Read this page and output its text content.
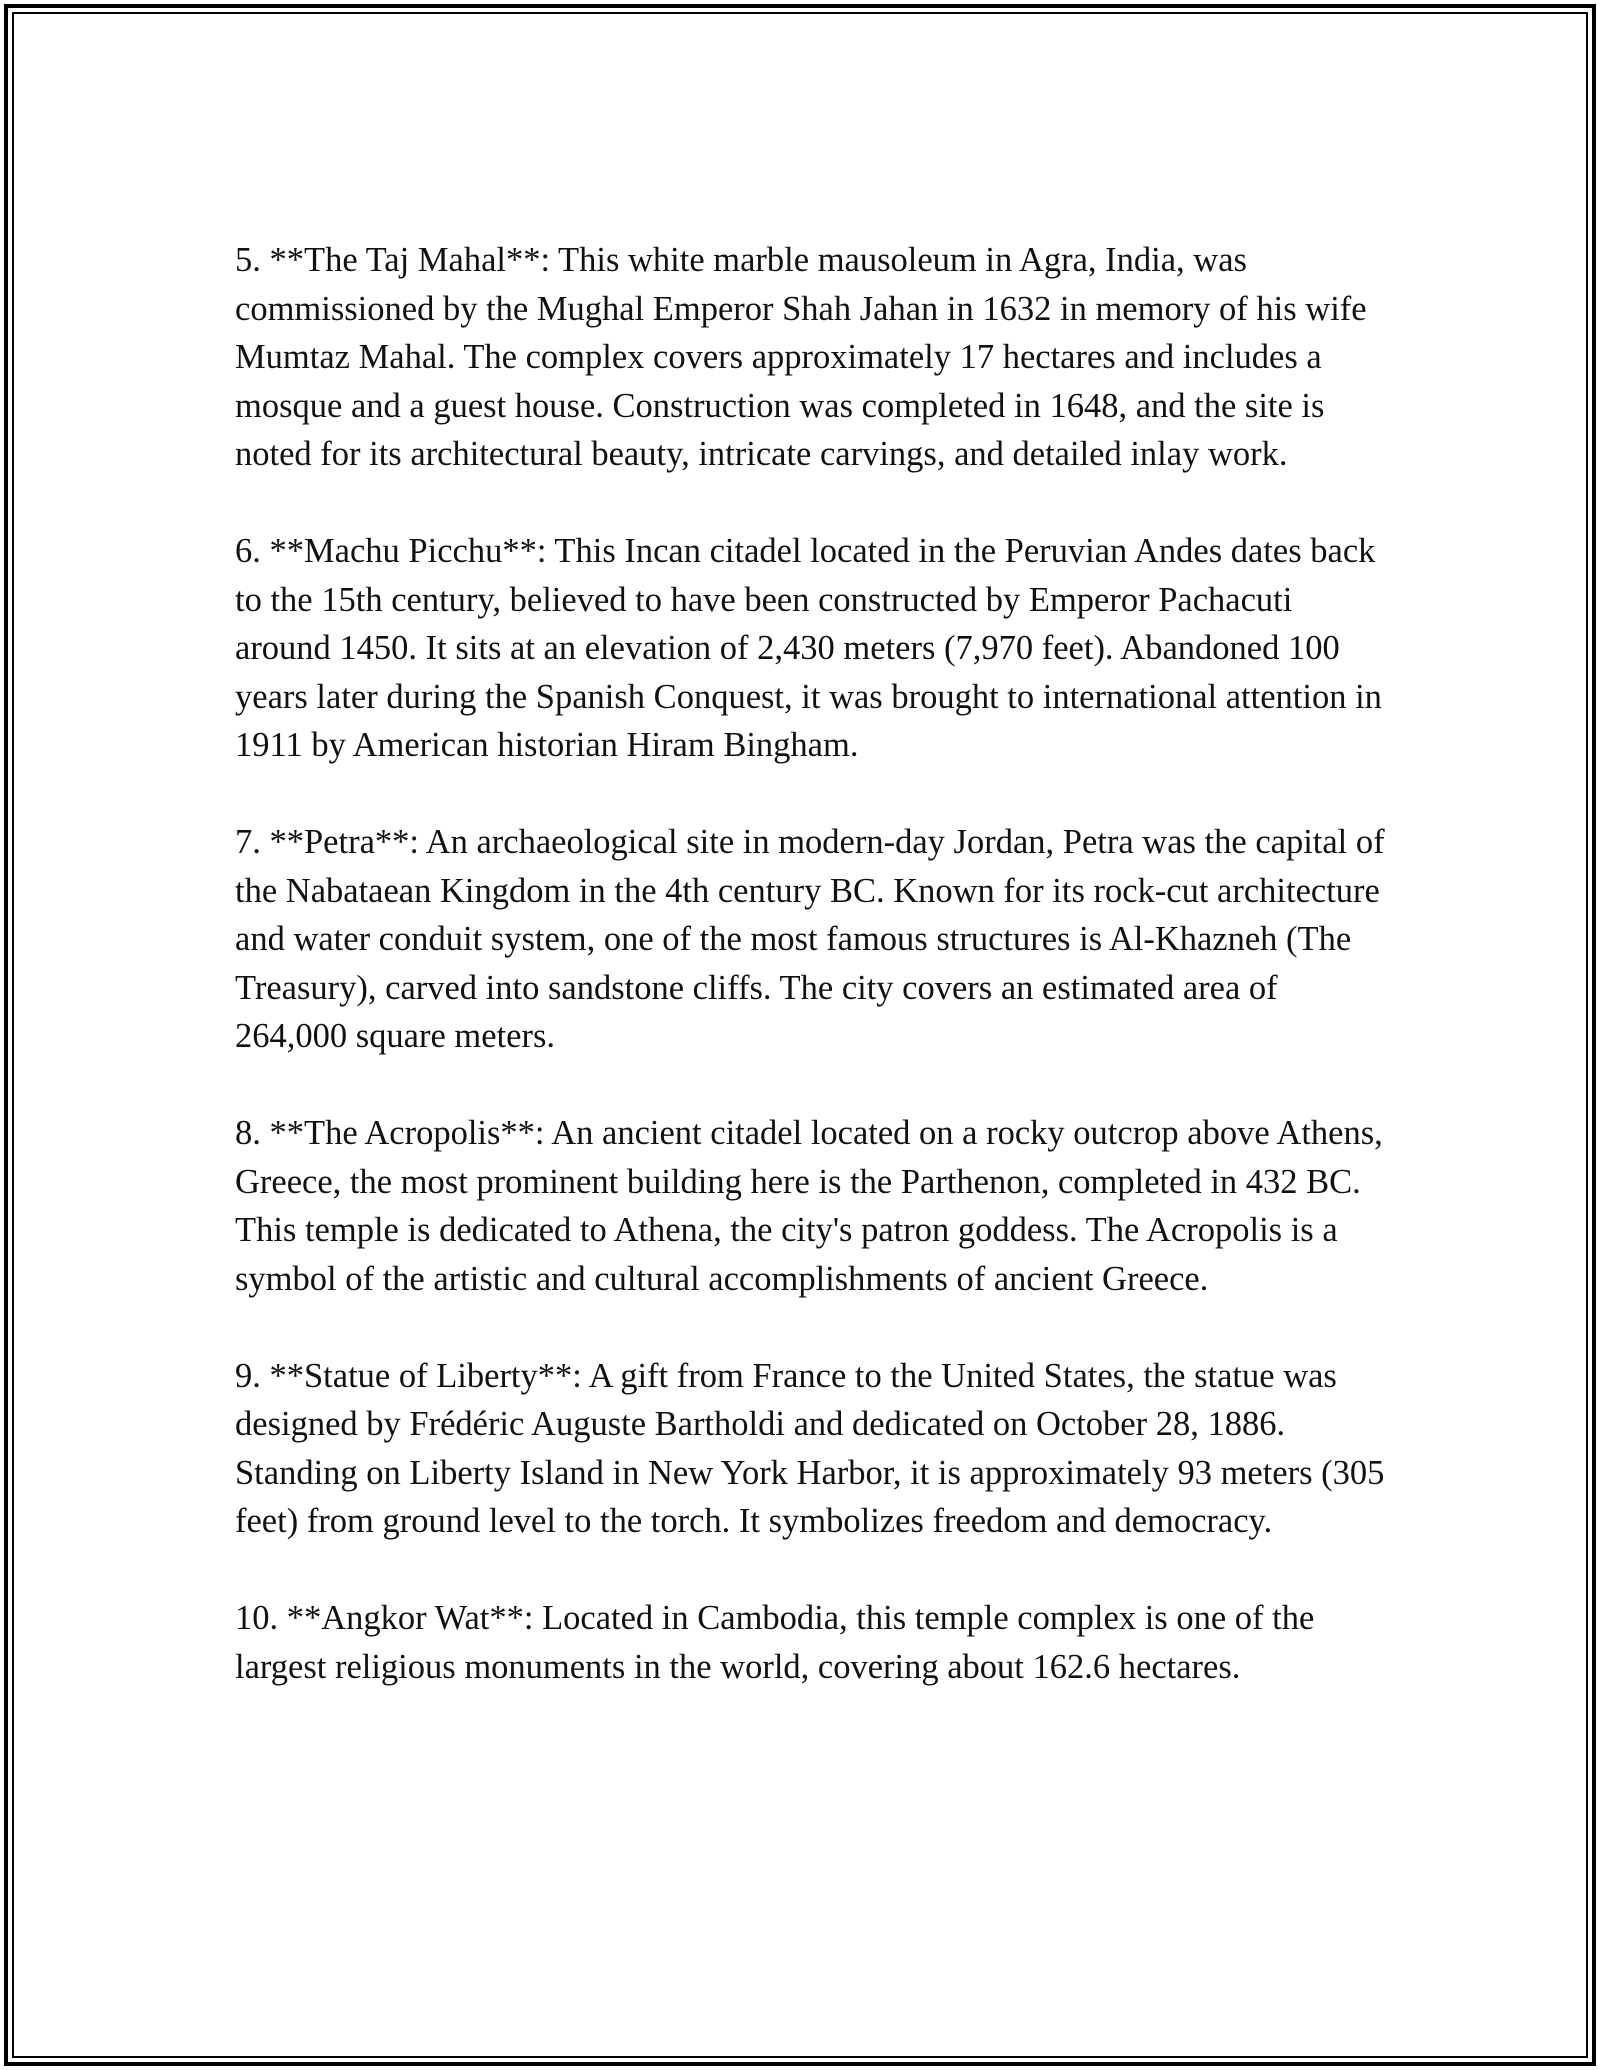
5. **The Taj Mahal**: This white marble mausoleum in Agra, India, was commissioned by the Mughal Emperor Shah Jahan in 1632 in memory of his wife Mumtaz Mahal. The complex covers approximately 17 hectares and includes a mosque and a guest house. Construction was completed in 1648, and the site is noted for its architectural beauty, intricate carvings, and detailed inlay work.

6. **Machu Picchu**: This Incan citadel located in the Peruvian Andes dates back to the 15th century, believed to have been constructed by Emperor Pachacuti around 1450. It sits at an elevation of 2,430 meters (7,970 feet). Abandoned 100 years later during the Spanish Conquest, it was brought to international attention in 1911 by American historian Hiram Bingham.

7. **Petra**: An archaeological site in modern-day Jordan, Petra was the capital of the Nabataean Kingdom in the 4th century BC. Known for its rock-cut architecture and water conduit system, one of the most famous structures is Al-Khazneh (The Treasury), carved into sandstone cliffs. The city covers an estimated area of 264,000 square meters.

8. **The Acropolis**: An ancient citadel located on a rocky outcrop above Athens, Greece, the most prominent building here is the Parthenon, completed in 432 BC. This temple is dedicated to Athena, the city's patron goddess. The Acropolis is a symbol of the artistic and cultural accomplishments of ancient Greece.

9. **Statue of Liberty**: A gift from France to the United States, the statue was designed by Frédéric Auguste Bartholdi and dedicated on October 28, 1886. Standing on Liberty Island in New York Harbor, it is approximately 93 meters (305 feet) from ground level to the torch. It symbolizes freedom and democracy.

10. **Angkor Wat**: Located in Cambodia, this temple complex is one of the largest religious monuments in the world, covering about 162.6 hectares.
